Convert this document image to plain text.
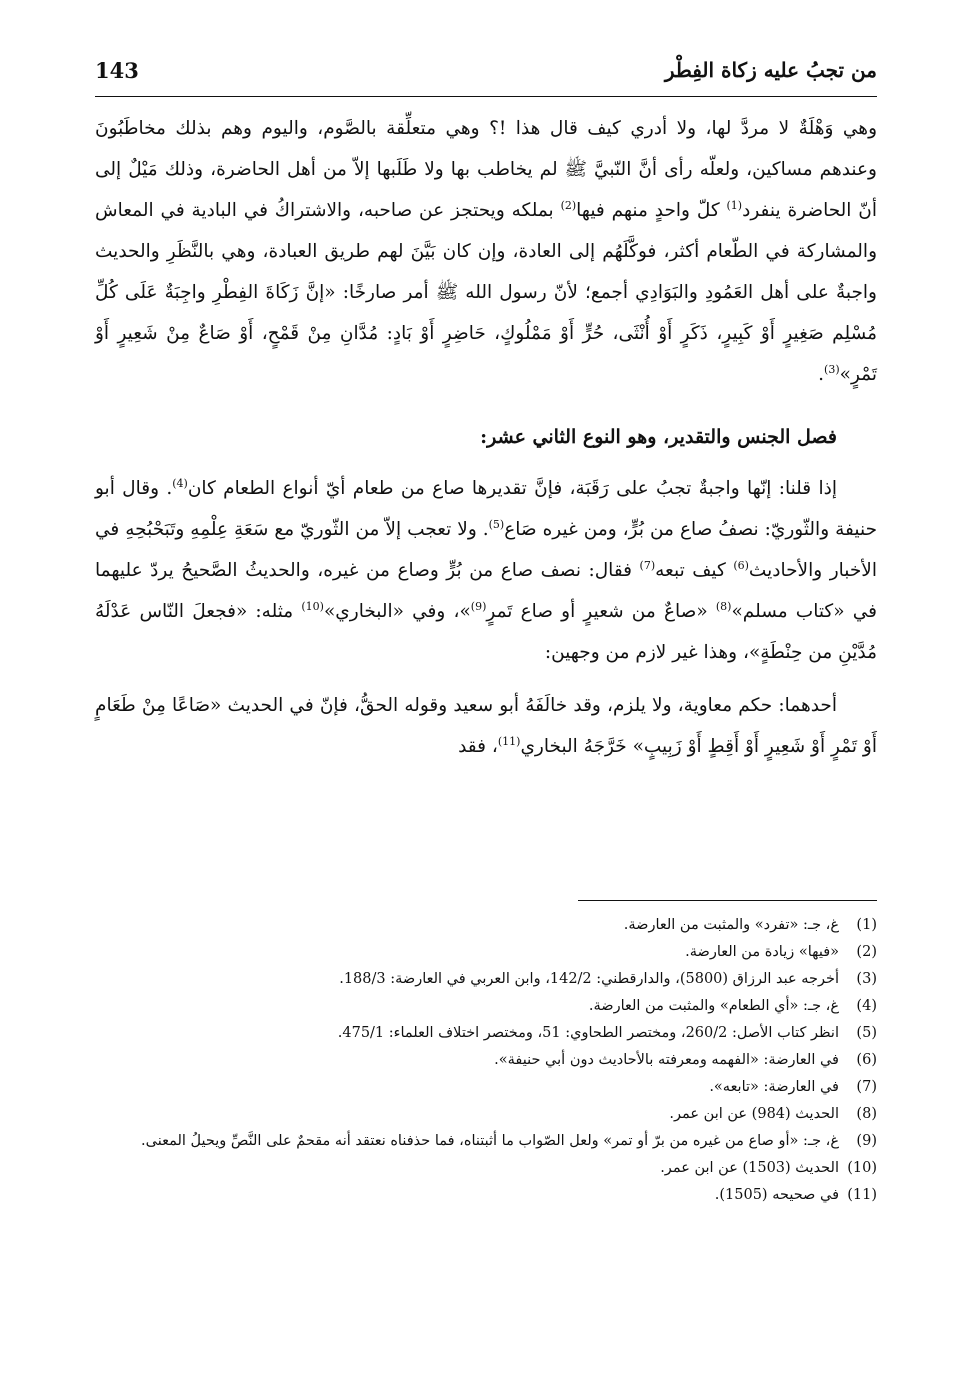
143	من تجبُ عليه زكاة الفِطْر

وهي وَهْلَةٌ لا مردَّ لها، ولا أدري كيف قال هذا !؟ وهي متعلِّقة بالصَّوم، واليوم وهم بذلك مخاطَبُونَ وعندهم مساكين، ولعلّه رأى أنَّ النّبيَّ ﷺ لم يخاطب بها ولا طَلَبها إلاّ من أهل الحاضرة، وذلك مَيْلٌ إلى أنّ الحاضرة ينفرد$^{(1)}$ كلّ واحدٍ منهم فيها$^{(2)}$ بملكه ويحتجز عن صاحبه، والاشتراكُ في البادية في المعاش والمشاركة في الطّعام أكثر، فوكَّلَهُم إلى العادة، وإن كان بَيَّنَ لهم طريق العبادة، وهي بالنَّظَرِ والحديث واجبةٌ على أهل العَمُودِ والبَوَادِي أجمع؛ لأنّ رسول الله ﷺ أمر صارخًا: «إنَّ زَكَاةَ الفِطْرِ واجِبَةٌ عَلَى كُلِّ مُسْلِم صَغِيرٍ أَوْ كَبِيرٍ، ذَكَرٍ أَوْ أُنْثَى، حُرٍّ أَوْ مَمْلُوكٍ، حَاضِرٍ أَوْ بَادٍ: مُدَّانِ مِنْ قَمْحٍ، أَوْ صَاعٌ مِنْ شَعِيرٍ أَوْ تَمْرٍ»$^{(3)}$.

فصل الجنس والتقدير، وهو النوع الثاني عشر:

إذا قلنا: إنّها واجبةٌ تجبُ على رَقَبَة، فإنَّ تقديرها صاع من طعام أيّ أنواع الطعام كان$^{(4)}$. وقال أبو حنيفة والثّوريّ: نصفُ صاع من بُرٍّ، ومن غيره صَاع$^{(5)}$. ولا تعجب إلاّ من الثّوريّ مع سَعَةِ عِلْمِهِ وتَبَحْبُحِهِ في الأخبار والأحاديث$^{(6)}$ كيف تبعه$^{(7)}$ فقال: نصف صاع من بُرٍّ وصاع من غيره، والحديثُ الصَّحيحُ يردّ عليهما في «كتاب مسلم»$^{(8)}$ «صاعٌ من شعيرٍ أو صاع تَمرٍ$^{(9)}$»، وفي «البخاري»$^{(10)}$ مثله: «فجعلَ النّاس عَدْلَهُ مُدَّيْنِ من حِنْطَةٍ»، وهذا غير لازم من وجهين:

أحدهما: حكم معاوية، ولا يلزم، وقد خالَفَهُ أبو سعيد وقوله الحقُّ، فإنّ في الحديث «صَاعًا مِنْ طَعَامٍ أَوْ تَمْرٍ أَوْ شَعِيرٍ أَوْ أَقِطٍ أَوْ زَبِيبٍ» خَرَّجَهُ البخاري$^{(11)}$، فقد

(1)
غ، جـ: «تفرد» والمثبت من العارضة.
(2)
«فيها» زيادة من العارضة.
(3)
أخرجه عبد الرزاق (5800)، والدارقطني: 142/2، وابن العربي في العارضة: 188/3.
(4)
غ، جـ: «أي الطعام» والمثبت من العارضة.
(5)
انظر كتاب الأصل: 260/2، ومختصر الطحاوي: 51، ومختصر اختلاف العلماء: 475/1.
(6)
في العارضة: «الفهمه ومعرفته بالأحاديث دون أبي حنيفة».
(7)
في العارضة: «تابعه».
(8)
الحديث (984) عن ابن عمر.
(9)
غ، جـ: «أو صاع من غيره من برّ أو تمر» ولعل الصّواب ما أثبتناه، فما حذفناه نعتقد أنه مقحمٌ على النَّصِّ ويحيلُ المعنى.
(10)
الحديث (1503) عن ابن عمر.
(11)
في صحيحه (1505).
